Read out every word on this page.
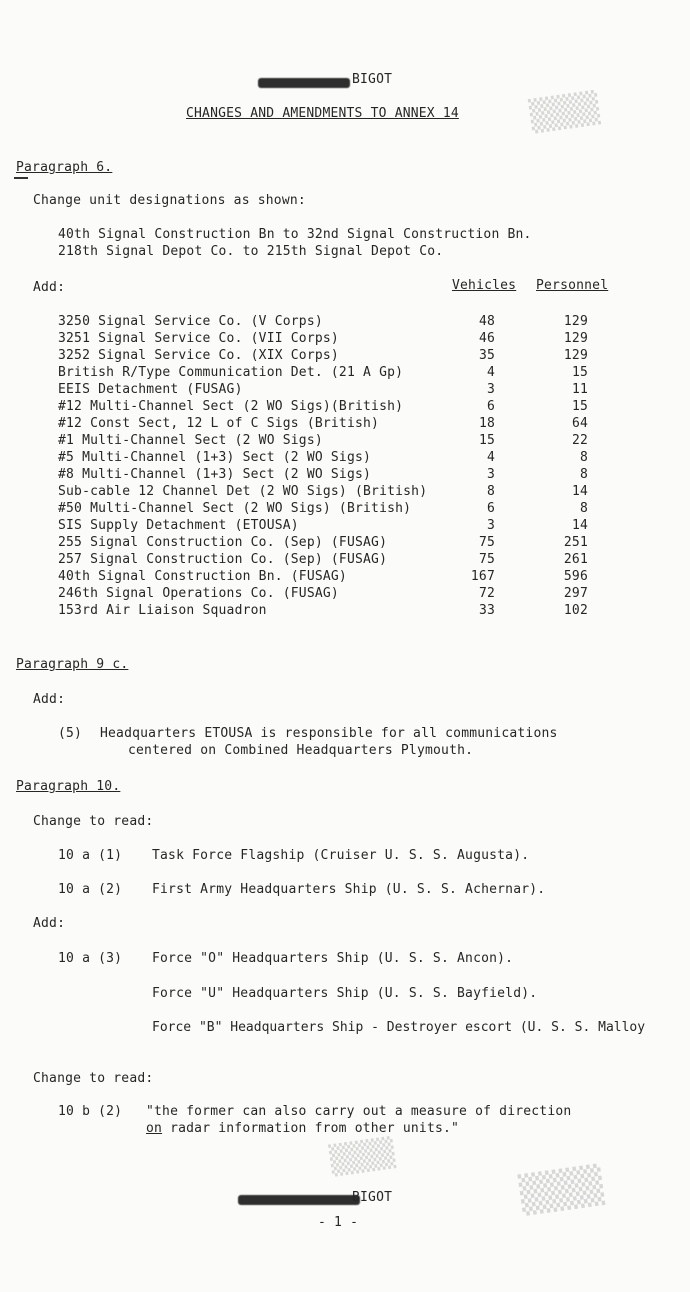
BIGOT
CHANGES AND AMENDMENTS TO ANNEX 14 ▒▒▒
Paragraph 6.
Change unit designations as shown:
40th Signal Construction Bn to 32nd Signal Construction Bn.
218th Signal Depot Co. to 215th Signal Depot Co.
Add:	Vehicles Personnel
3250 Signal Service Co. (V Corps)	48	129
3251 Signal Service Co. (VII Corps)	46	129
3252 Signal Service Co. (XIX Corps)	35	129
British R/Type Communication Det. (21 A Gp)	4	15
EEIS Detachment (FUSAG)	3	11
#12 Multi-Channel Sect (2 WO Sigs)(British)	6	15
#12 Const Sect, 12 L of C Sigs (British)	18	64
#1 Multi-Channel Sect (2 WO Sigs)	15	22
#5 Multi-Channel (1+3) Sect (2 WO Sigs)	4	8
#8 Multi-Channel (1+3) Sect (2 WO Sigs)	3	8
Sub-cable 12 Channel Det (2 WO Sigs) (British)	8	14
#50 Multi-Channel Sect (2 WO Sigs) (British)	6	8
SIS Supply Detachment (ETOUSA)	3	14
255 Signal Construction Co. (Sep) (FUSAG)	75	251
257 Signal Construction Co. (Sep) (FUSAG)	75	261
40th Signal Construction Bn. (FUSAG)	167	596
246th Signal Operations Co. (FUSAG)	72	297
153rd Air Liaison Squadron	33	102
Paragraph 9 c.
Add:
(5) Headquarters ETOUSA is responsible for all communications
centered on Combined Headquarters Plymouth.
Paragraph 10.
Change to read:
10 a (1) Task Force Flagship (Cruiser U. S. S. Augusta).
10 a (2) First Army Headquarters Ship (U. S. S. Achernar).
Add:
10 a (3) Force "O" Headquarters Ship (U. S. S. Ancon).
Force "U" Headquarters Ship (U. S. S. Bayfield).
Force "B" Headquarters Ship - Destroyer escort (U. S. S. Malloy
Change to read:
10 b (2) "the former can also carry out a measure of direction
on radar information from other units."
▒▒▒
▒▒▒
BIGOT
- 1 -
